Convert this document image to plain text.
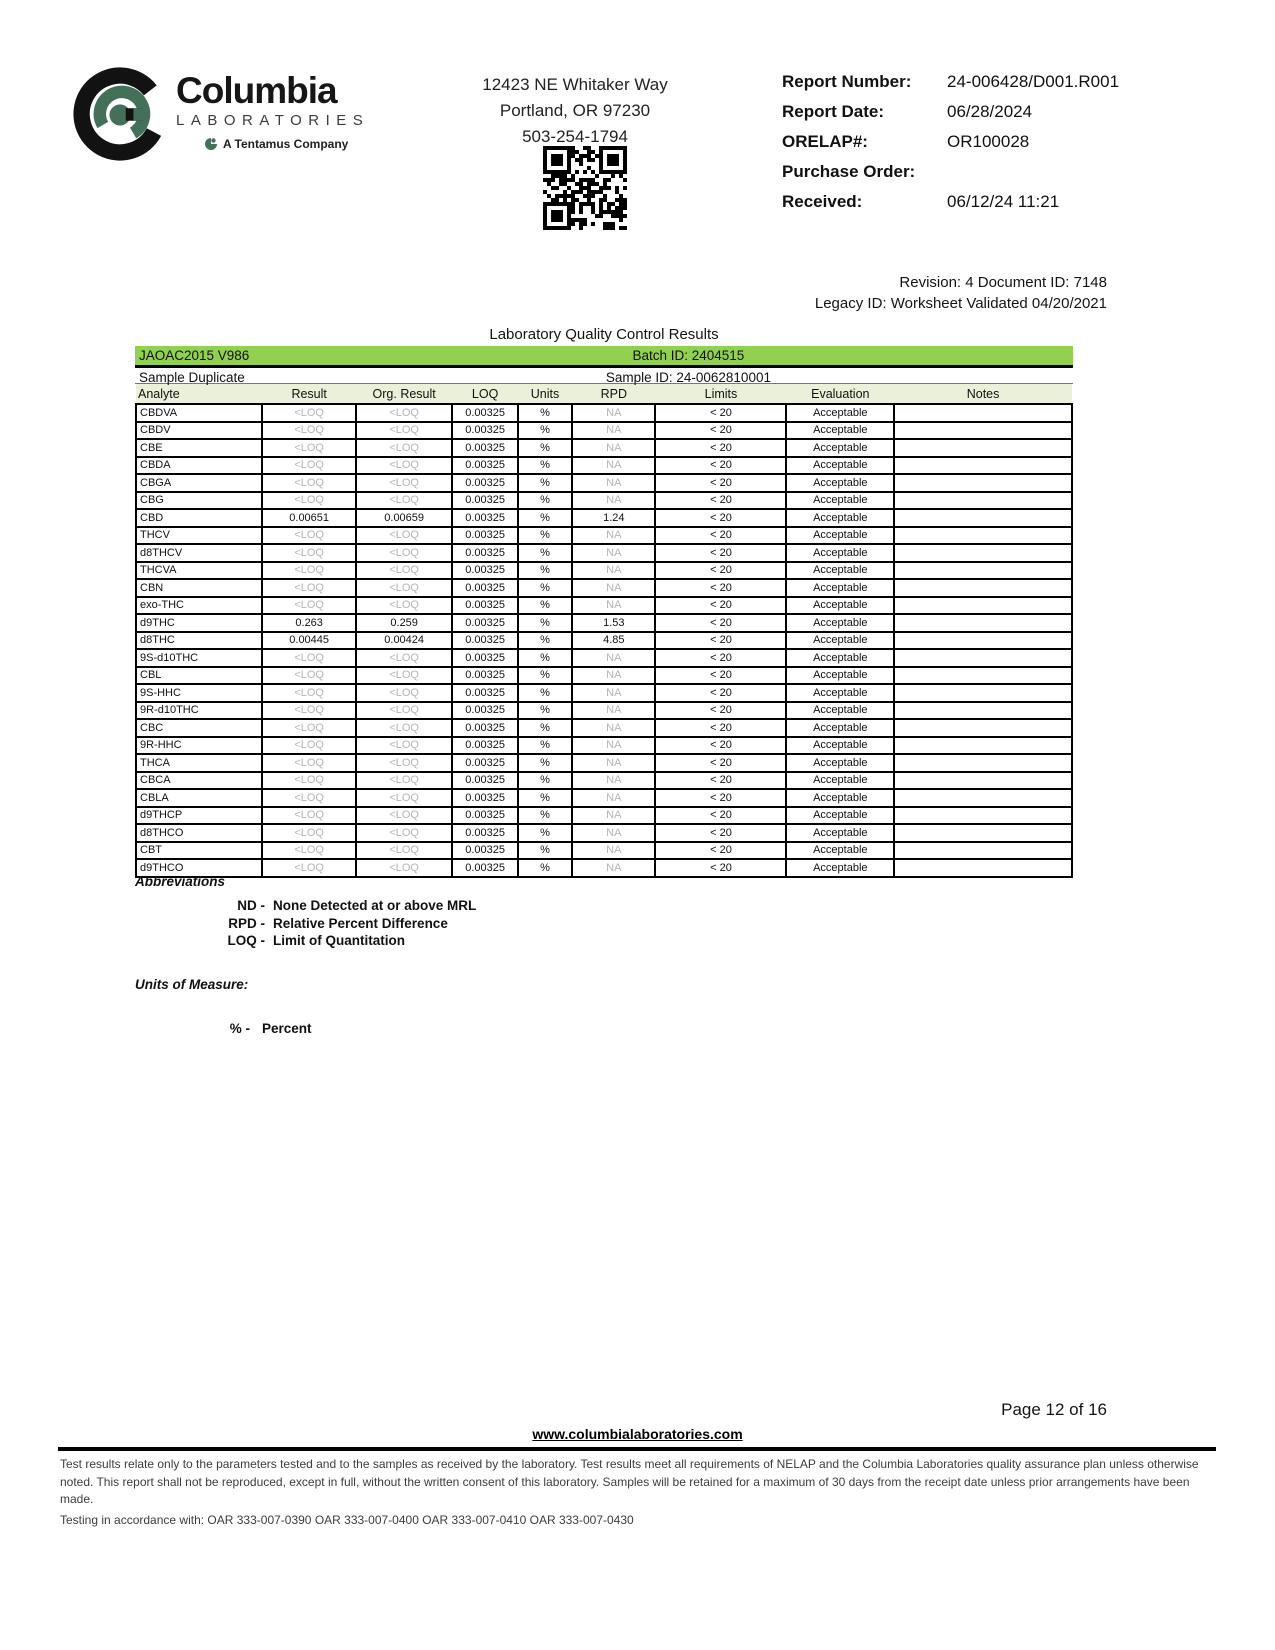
Columbia
LABORATORIES
A Tentamus Company
12423 NE Whitaker Way
Portland, OR 97230
503-254-1794
Report Number:	24-006428/D001.R001
Report Date:	06/28/2024
ORELAP#:	OR100028
Purchase Order:
Received:	06/12/24 11:21
Revision: 4 Document ID: 7148
Legacy ID: Worksheet Validated 04/20/2021
Laboratory Quality Control Results
JAOAC2015 V986	Batch ID: 2404515
Sample Duplicate	Sample ID: 24-0062810001
Analyte	Result	Org. Result	LOQ	Units	RPD	Limits	Evaluation	Notes
CBDVA	<LOQ	<LOQ	0.00325	%	NA	< 20	Acceptable	
CBDV	<LOQ	<LOQ	0.00325	%	NA	< 20	Acceptable	
CBE	<LOQ	<LOQ	0.00325	%	NA	< 20	Acceptable	
CBDA	<LOQ	<LOQ	0.00325	%	NA	< 20	Acceptable	
CBGA	<LOQ	<LOQ	0.00325	%	NA	< 20	Acceptable	
CBG	<LOQ	<LOQ	0.00325	%	NA	< 20	Acceptable	
CBD	0.00651	0.00659	0.00325	%	1.24	< 20	Acceptable	
THCV	<LOQ	<LOQ	0.00325	%	NA	< 20	Acceptable	
d8THCV	<LOQ	<LOQ	0.00325	%	NA	< 20	Acceptable	
THCVA	<LOQ	<LOQ	0.00325	%	NA	< 20	Acceptable	
CBN	<LOQ	<LOQ	0.00325	%	NA	< 20	Acceptable	
exo-THC	<LOQ	<LOQ	0.00325	%	NA	< 20	Acceptable	
d9THC	0.263	0.259	0.00325	%	1.53	< 20	Acceptable	
d8THC	0.00445	0.00424	0.00325	%	4.85	< 20	Acceptable	
9S-d10THC	<LOQ	<LOQ	0.00325	%	NA	< 20	Acceptable	
CBL	<LOQ	<LOQ	0.00325	%	NA	< 20	Acceptable	
9S-HHC	<LOQ	<LOQ	0.00325	%	NA	< 20	Acceptable	
9R-d10THC	<LOQ	<LOQ	0.00325	%	NA	< 20	Acceptable	
CBC	<LOQ	<LOQ	0.00325	%	NA	< 20	Acceptable	
9R-HHC	<LOQ	<LOQ	0.00325	%	NA	< 20	Acceptable	
THCA	<LOQ	<LOQ	0.00325	%	NA	< 20	Acceptable	
CBCA	<LOQ	<LOQ	0.00325	%	NA	< 20	Acceptable	
CBLA	<LOQ	<LOQ	0.00325	%	NA	< 20	Acceptable	
d9THCP	<LOQ	<LOQ	0.00325	%	NA	< 20	Acceptable	
d8THCO	<LOQ	<LOQ	0.00325	%	NA	< 20	Acceptable	
CBT	<LOQ	<LOQ	0.00325	%	NA	< 20	Acceptable	
d9THCO	<LOQ	<LOQ	0.00325	%	NA	< 20	Acceptable	
Abbreviations
ND - None Detected at or above MRL
RPD - Relative Percent Difference
LOQ - Limit of Quantitation
Units of Measure:
% - Percent
Page 12 of 16
www.columbialaboratories.com
Test results relate only to the parameters tested and to the samples as received by the laboratory. Test results meet all requirements of NELAP and the Columbia Laboratories quality assurance plan unless otherwise noted. This report shall not be reproduced, except in full, without the written consent of this laboratory. Samples will be retained for a maximum of 30 days from the receipt date unless prior arrangements have been made.
Testing in accordance with: OAR 333-007-0390 OAR 333-007-0400 OAR 333-007-0410 OAR 333-007-0430
